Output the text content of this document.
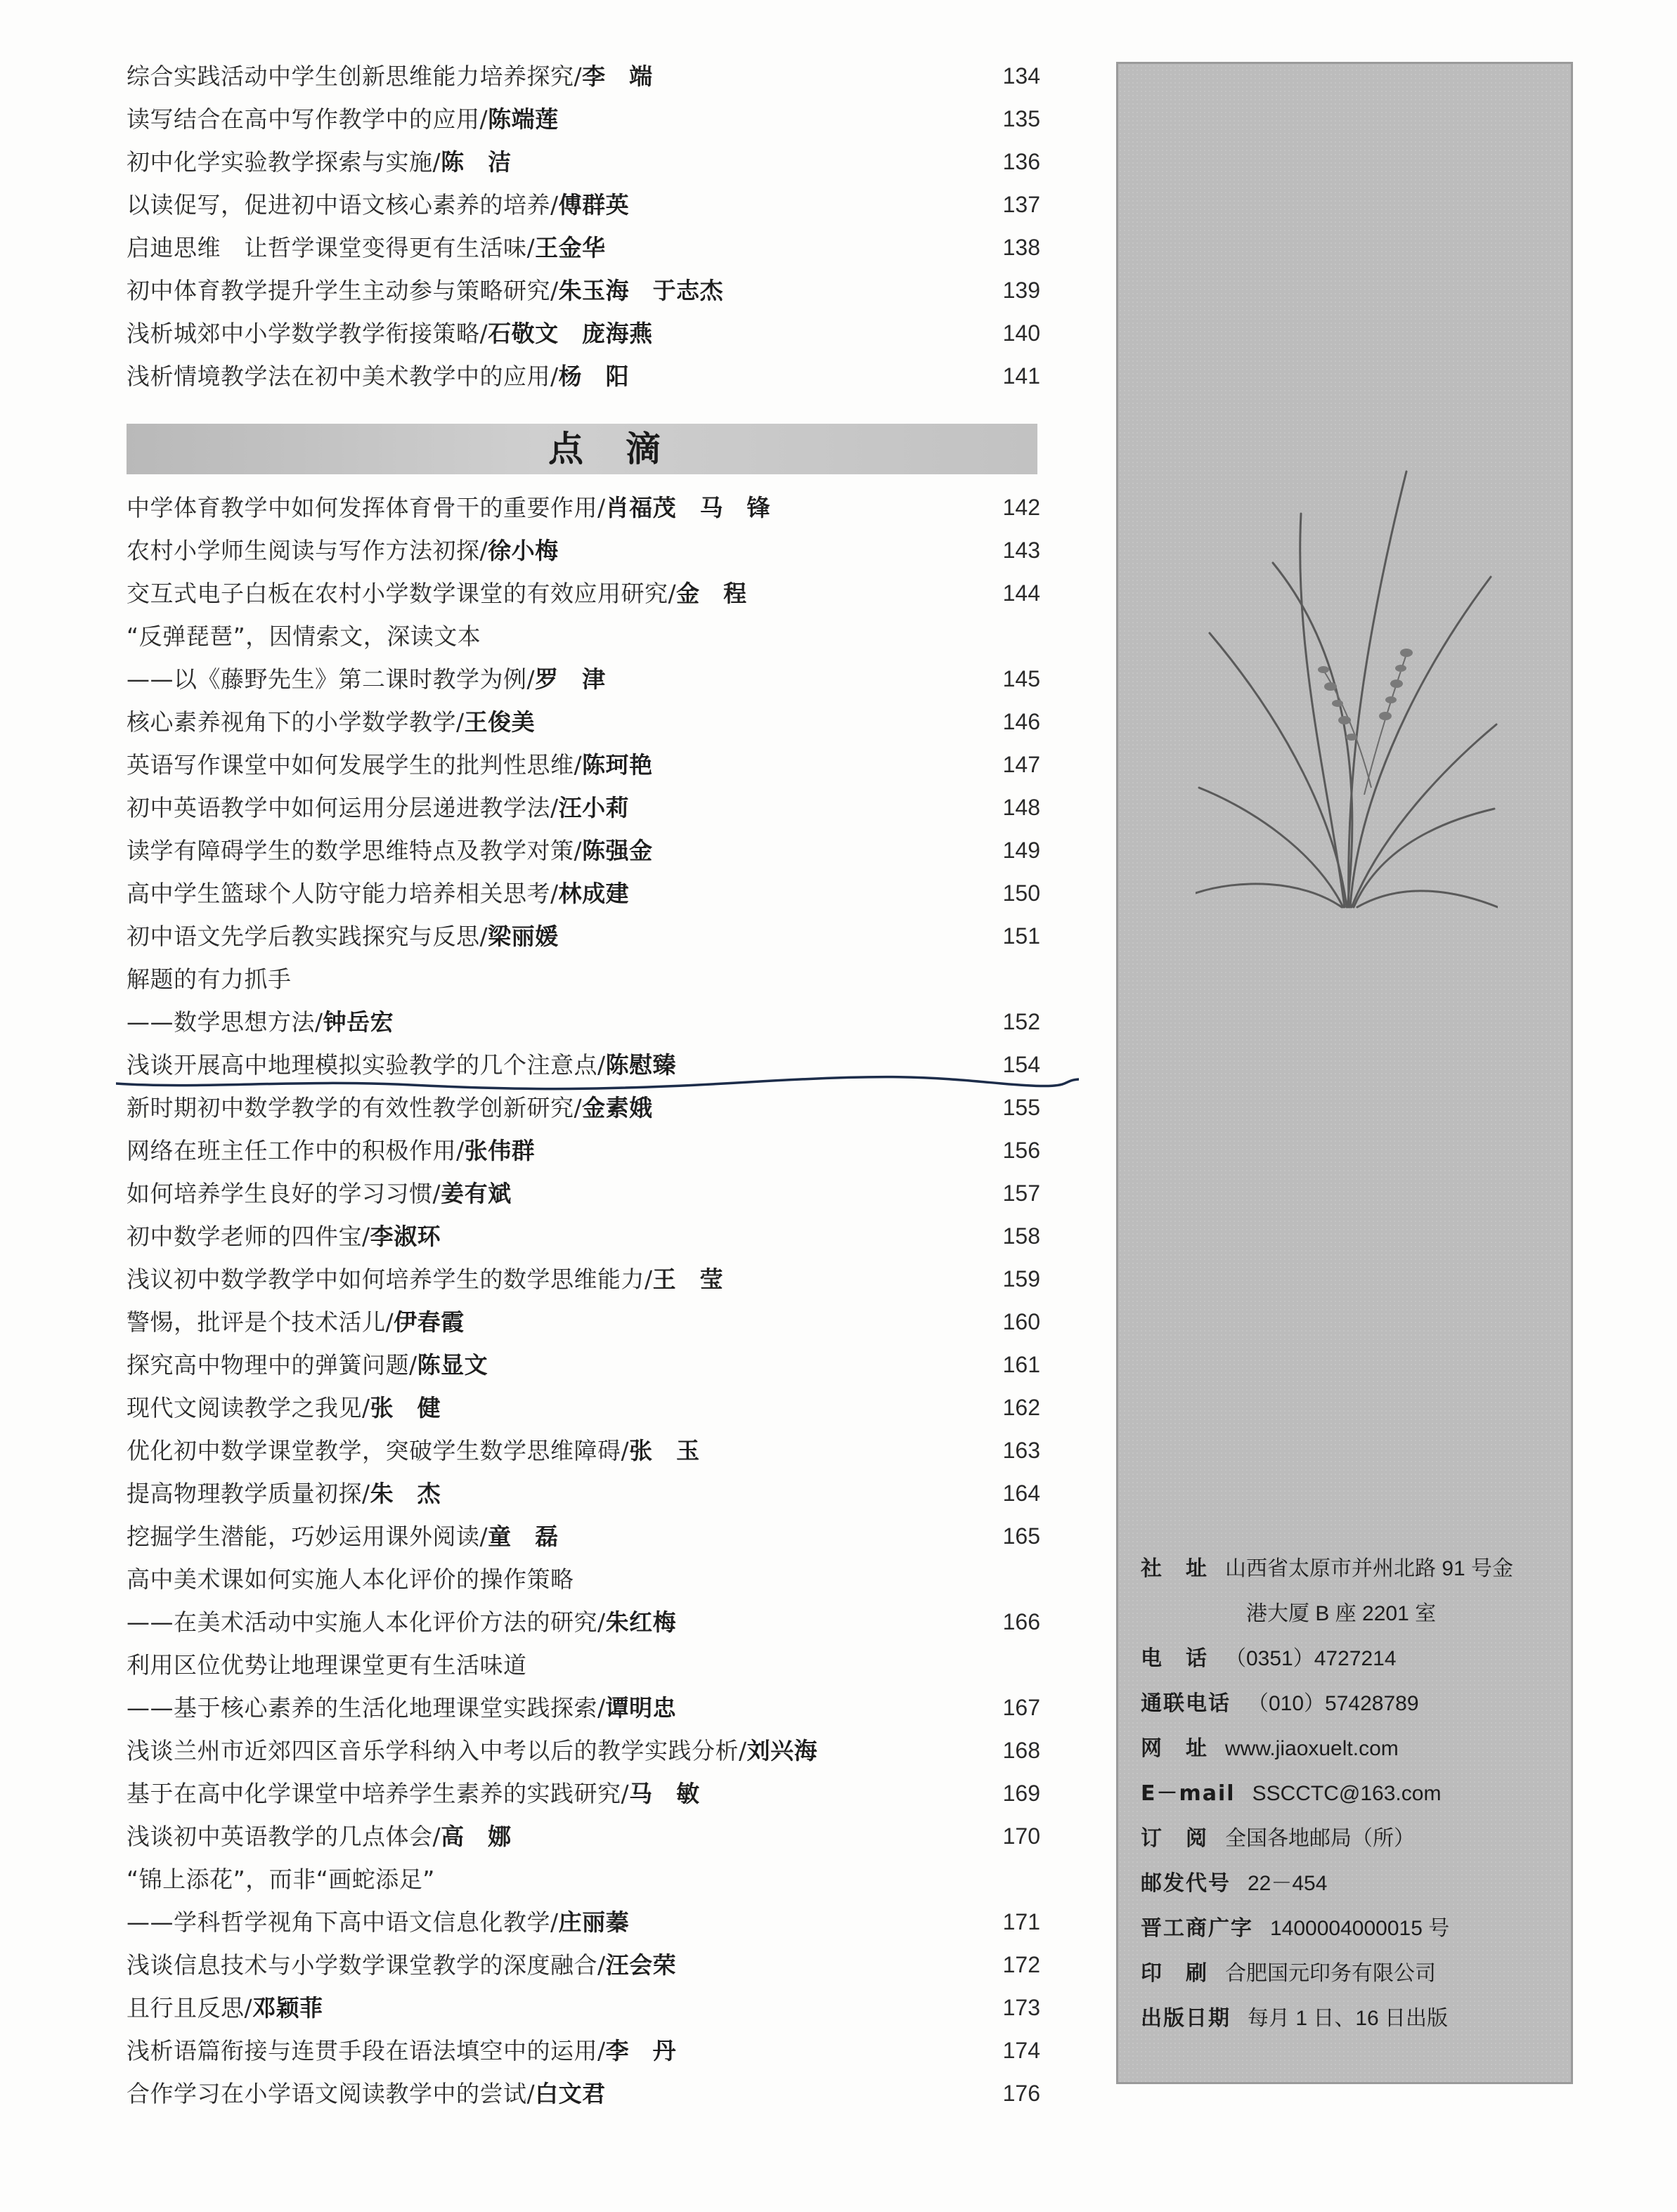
综合实践活动中学生创新思维能力培养探究/李　端	134
读写结合在高中写作教学中的应用/陈端莲	135
初中化学实验教学探索与实施/陈　洁	136
以读促写，促进初中语文核心素养的培养/傅群英	137
启迪思维　让哲学课堂变得更有生活味/王金华	138
初中体育教学提升学生主动参与策略研究/朱玉海　于志杰	139
浅析城郊中小学数学教学衔接策略/石敬文　庞海燕	140
浅析情境教学法在初中美术教学中的应用/杨　阳	141
点滴
中学体育教学中如何发挥体育骨干的重要作用/肖福茂　马　锋	142
农村小学师生阅读与写作方法初探/徐小梅	143
交互式电子白板在农村小学数学课堂的有效应用研究/金　程	144
“反弹琵琶”，因情索文，深读文本
——以《藤野先生》第二课时教学为例/罗　津	145
核心素养视角下的小学数学教学/王俊美	146
英语写作课堂中如何发展学生的批判性思维/陈珂艳	147
初中英语教学中如何运用分层递进教学法/汪小莉	148
读学有障碍学生的数学思维特点及教学对策/陈强金	149
高中学生篮球个人防守能力培养相关思考/林成建	150
初中语文先学后教实践探究与反思/梁丽媛	151
解题的有力抓手
——数学思想方法/钟岳宏	152
浅谈开展高中地理模拟实验教学的几个注意点/陈慰臻	154
新时期初中数学教学的有效性教学创新研究/金素娥	155
网络在班主任工作中的积极作用/张伟群	156
如何培养学生良好的学习习惯/姜有斌	157
初中数学老师的四件宝/李淑环	158
浅议初中数学教学中如何培养学生的数学思维能力/王　莹	159
警惕，批评是个技术活儿/伊春霞	160
探究高中物理中的弹簧问题/陈显文	161
现代文阅读教学之我见/张　健	162
优化初中数学课堂教学，突破学生数学思维障碍/张　玉	163
提高物理教学质量初探/朱　杰	164
挖掘学生潜能，巧妙运用课外阅读/童　磊	165
高中美术课如何实施人本化评价的操作策略
——在美术活动中实施人本化评价方法的研究/朱红梅	166
利用区位优势让地理课堂更有生活味道
——基于核心素养的生活化地理课堂实践探索/谭明忠	167
浅谈兰州市近郊四区音乐学科纳入中考以后的教学实践分析/刘兴海	168
基于在高中化学课堂中培养学生素养的实践研究/马　敏	169
浅谈初中英语教学的几点体会/高　娜	170
“锦上添花”，而非“画蛇添足”
——学科哲学视角下高中语文信息化教学/庄丽蓁	171
浅谈信息技术与小学数学课堂教学的深度融合/汪会荣	172
且行且反思/邓颖菲	173
浅析语篇衔接与连贯手段在语法填空中的运用/李　丹	174
合作学习在小学语文阅读教学中的尝试/白文君	176
社　址 山西省太原市并州北路 91 号金
港大厦 B 座 2201 室
电　话 （0351）4727214
通联电话 （010）57428789
网　址 www.jiaoxuelt.com
E－mail SSCCTC@163.com
订　阅 全国各地邮局（所）
邮发代号 22－454
晋工商广字 1400004000015 号
印　刷 合肥国元印务有限公司
出版日期 每月 1 日、16 日出版
